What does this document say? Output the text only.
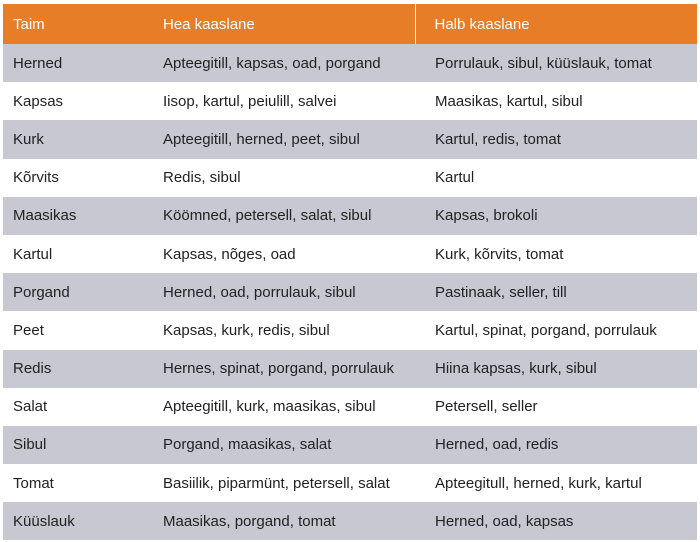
Taim	Hea kaaslane	Halb kaaslane
Herned	Apteegitill, kapsas, oad, porgand	Porrulauk, sibul, küüslauk, tomat
Kapsas	Iisop, kartul, peiulill, salvei	Maasikas, kartul, sibul
Kurk	Apteegitill, herned, peet, sibul	Kartul, redis, tomat
Kõrvits	Redis, sibul	Kartul
Maasikas	Köömned, petersell, salat, sibul	Kapsas, brokoli
Kartul	Kapsas, nõges, oad	Kurk, kõrvits, tomat
Porgand	Herned, oad, porrulauk, sibul	Pastinaak, seller, till
Peet	Kapsas, kurk, redis, sibul	Kartul, spinat, porgand, porrulauk
Redis	Hernes, spinat, porgand, porrulauk	Hiina kapsas, kurk, sibul
Salat	Apteegitill, kurk, maasikas, sibul	Petersell, seller
Sibul	Porgand, maasikas, salat	Herned, oad, redis
Tomat	Basiilik, piparmünt, petersell, salat	Apteegitull, herned, kurk, kartul
Küüslauk	Maasikas, porgand, tomat	Herned, oad, kapsas
